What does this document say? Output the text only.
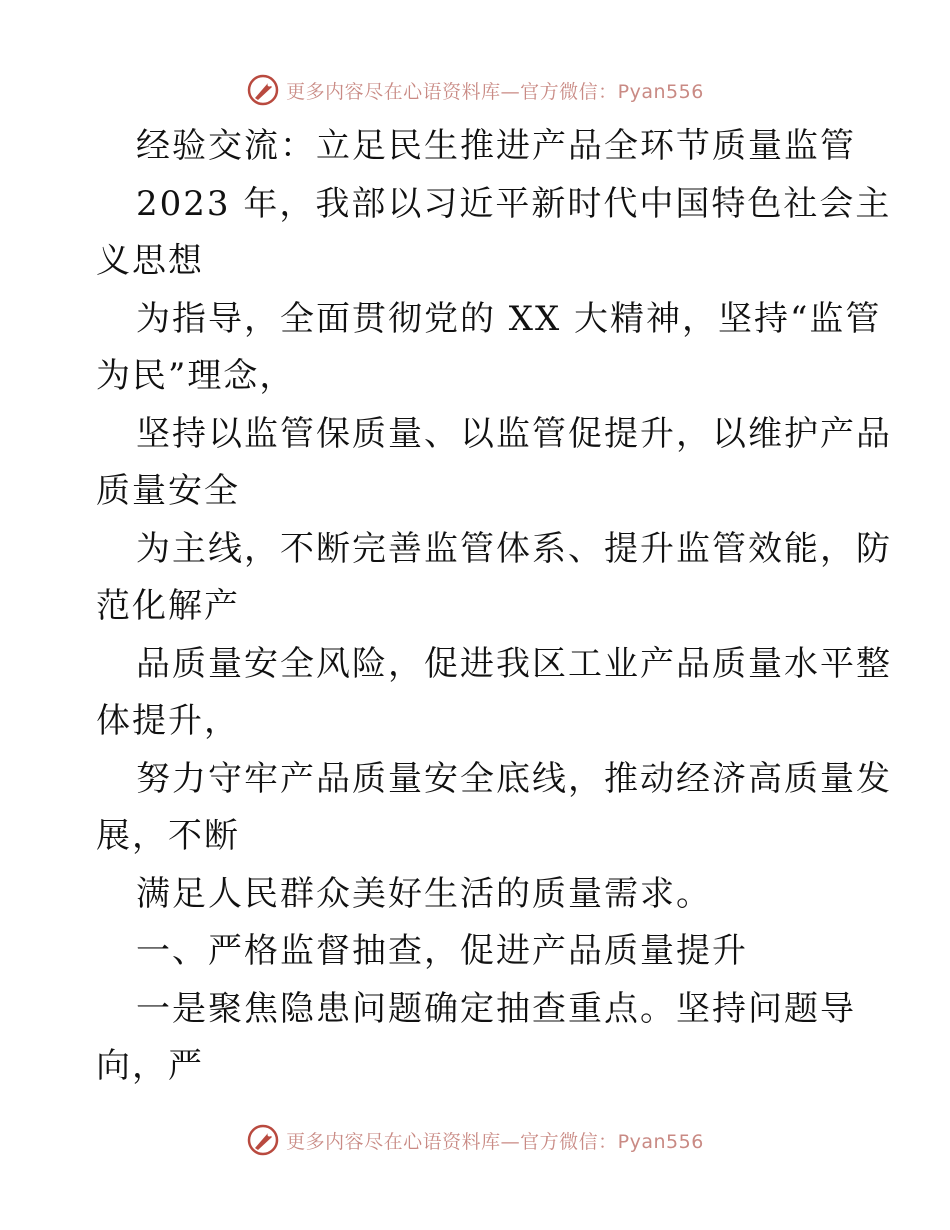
更多内容尽在心语资料库—官方微信：Pyan556
经验交流：立足民生推进产品全环节质量监管
2023 年，我部以习近平新时代中国特色社会主
义思想
为指导，全面贯彻党的 XX 大精神，坚持“监管
为民”理念，
坚持以监管保质量、以监管促提升，以维护产品
质量安全
为主线，不断完善监管体系、提升监管效能，防
范化解产
品质量安全风险，促进我区工业产品质量水平整
体提升，
努力守牢产品质量安全底线，推动经济高质量发
展，不断
满足人民群众美好生活的质量需求。
一、严格监督抽查，促进产品质量提升
一是聚焦隐患问题确定抽查重点。坚持问题导
向，严
更多内容尽在心语资料库—官方微信：Pyan556
